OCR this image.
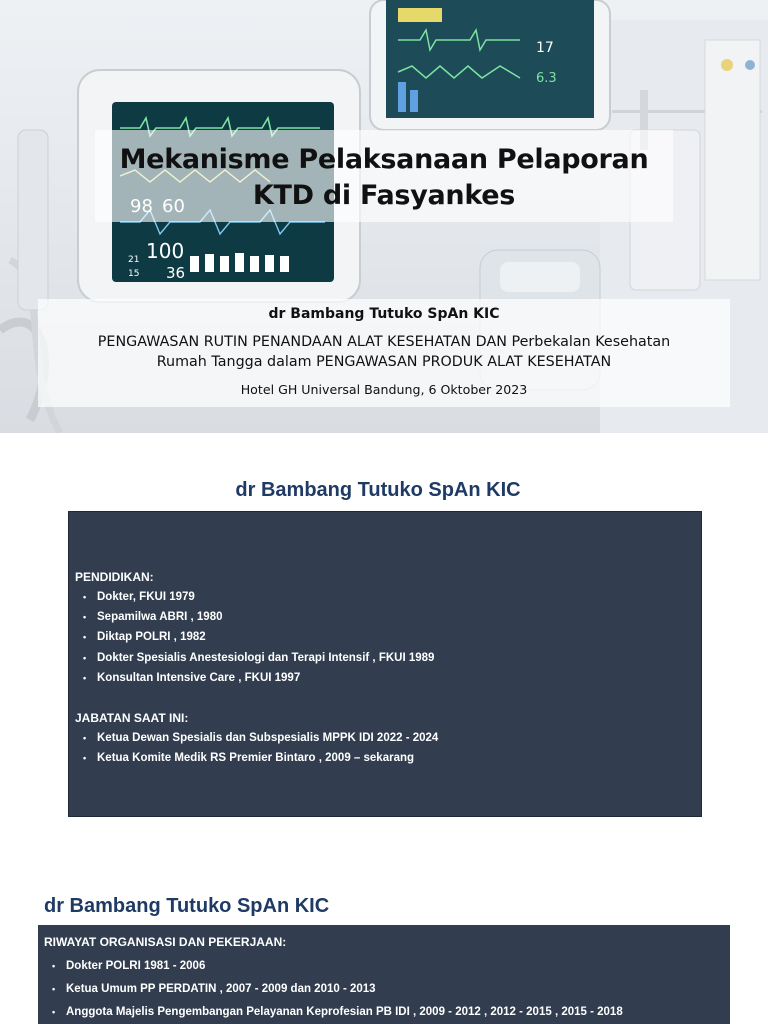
100
36
21
15
17
6.3
Mekanisme Pelaksanaan Pelaporan
KTD di Fasyankes
dr Bambang Tutuko SpAn KIC
PENGAWASAN RUTIN PENANDAAN ALAT KESEHATAN DAN Perbekalan Kesehatan
Rumah Tangga dalam PENGAWASAN PRODUK ALAT KESEHATAN
Hotel GH Universal Bandung, 6 Oktober 2023
dr Bambang Tutuko SpAn KIC
PENDIDIKAN:
• Dokter, FKUI 1979
• Sepamilwa ABRI , 1980
• Diktap POLRI , 1982
• Dokter Spesialis Anestesiologi dan Terapi Intensif , FKUI 1989
• Konsultan Intensive Care , FKUI 1997
JABATAN SAAT INI:
• Ketua Dewan Spesialis dan Subspesialis MPPK IDI 2022 - 2024
• Ketua Komite Medik RS Premier Bintaro , 2009 – sekarang
dr Bambang Tutuko SpAn KIC
RIWAYAT ORGANISASI DAN PEKERJAAN:
• Dokter POLRI 1981 - 2006
• Ketua Umum PP PERDATIN , 2007 - 2009 dan 2010 - 2013
• Anggota Majelis Pengembangan Pelayanan Keprofesian PB IDI , 2009 - 2012 , 2012 - 2015 , 2015 - 2018
